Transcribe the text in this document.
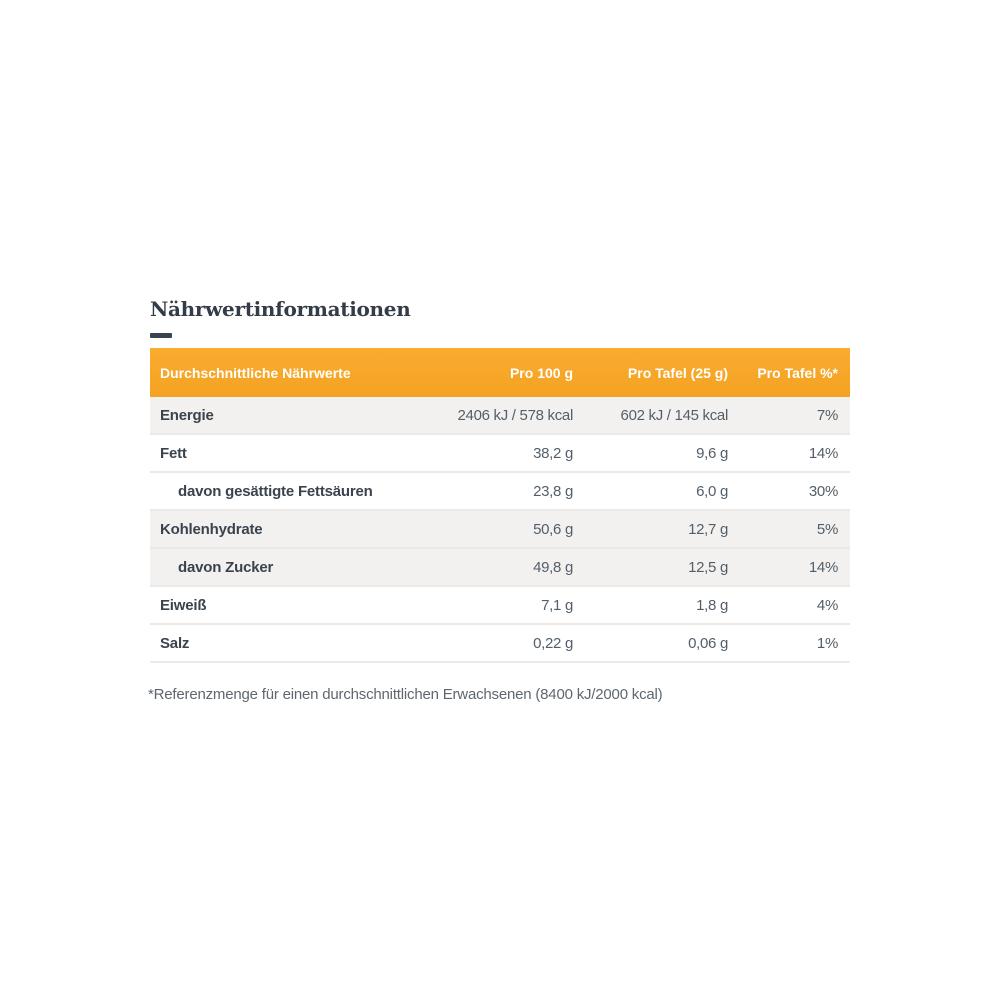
Nährwertinformationen
Durchschnittliche Nährwerte	Pro 100 g	Pro Tafel (25 g)	Pro Tafel %*
Energie	2406 kJ / 578 kcal	602 kJ / 145 kcal	7%
Fett	38,2 g	9,6 g	14%
davon gesättigte Fettsäuren	23,8 g	6,0 g	30%
Kohlenhydrate	50,6 g	12,7 g	5%
davon Zucker	49,8 g	12,5 g	14%
Eiweiß	7,1 g	1,8 g	4%
Salz	0,22 g	0,06 g	1%

*Referenzmenge für einen durchschnittlichen Erwachsenen (8400 kJ/2000 kcal)
